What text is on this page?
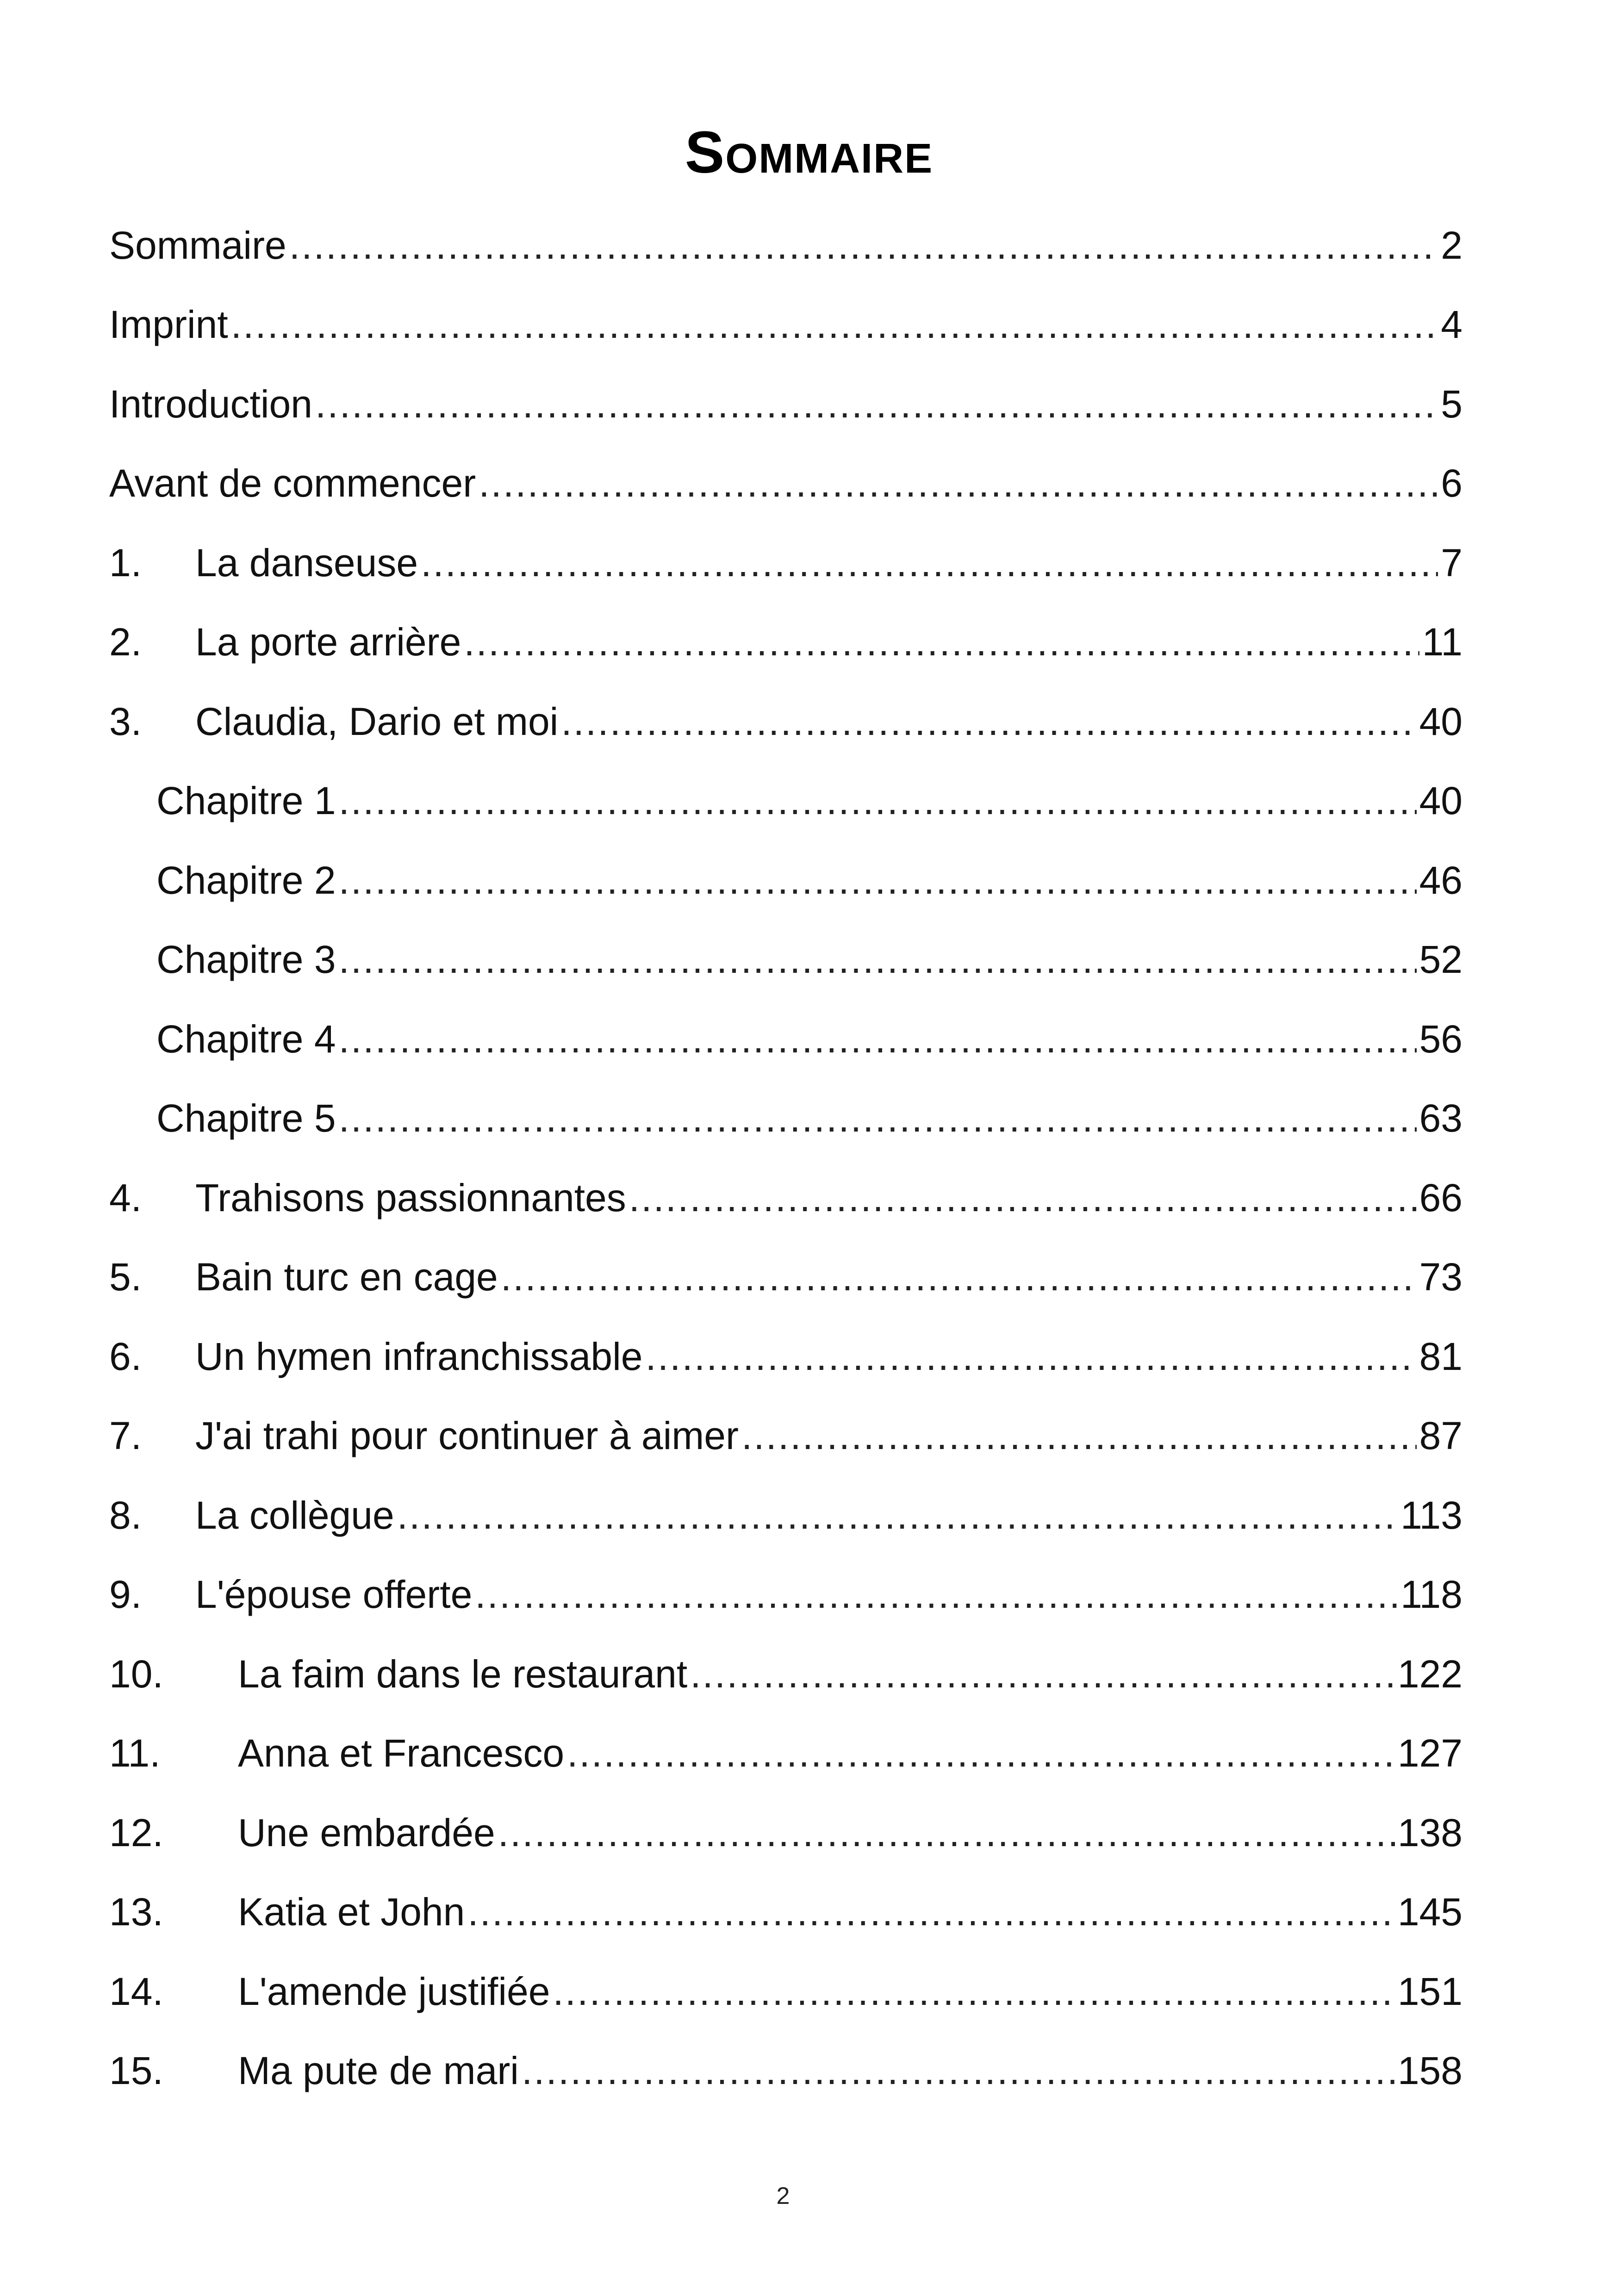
Sommaire
Sommaire .....	2
Imprint .....	4
Introduction .....	5
Avant de commencer .....	6
1.	La danseuse .....	7
2.	La porte arrière .....	11
3.	Claudia, Dario et moi .....	40
Chapitre 1 .....	40
Chapitre 2 .....	46
Chapitre 3 .....	52
Chapitre 4 .....	56
Chapitre 5 .....	63
4.	Trahisons passionnantes .....	66
5.	Bain turc en cage .....	73
6.	Un hymen infranchissable .....	81
7.	J'ai trahi pour continuer à aimer .....	87
8.	La collègue .....	113
9.	L'épouse offerte .....	118
10.	La faim dans le restaurant .....	122
11.	Anna et Francesco .....	127
12.	Une embardée .....	138
13.	Katia et John .....	145
14.	L'amende justifiée .....	151
15.	Ma pute de mari .....	158
2
